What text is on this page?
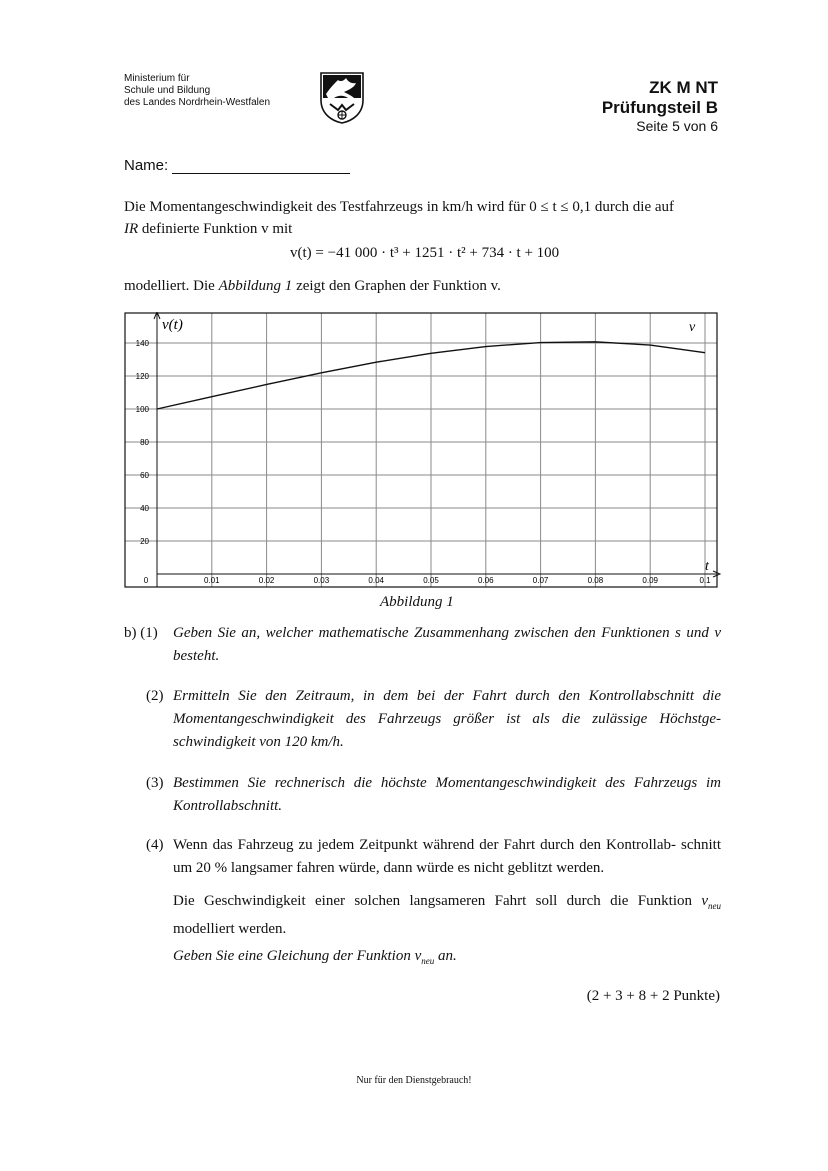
Ministerium für
Schule und Bildung
des Landes Nordrhein-Westfalen
ZK M NT
Prüfungsteil B
Seite 5 von 6
Name:
Die Momentangeschwindigkeit des Testfahrzeugs in km/h wird für 0 ≤ t ≤ 0,1 durch die auf
IR definierte Funktion v mit
v(t) = −41 000 · t³ + 1251 · t² + 734 · t + 100
modelliert. Die Abbildung 1 zeigt den Graphen der Funktion v.
0	0.01	0.02	0.03	0.04	0.05	0.06	0.07	0.08	0.09	0.1
20
40
60
80
100
120
140
v(t)
t
v
Abbildung 1
b) (1) Geben Sie an, welcher mathematische Zusammenhang zwischen den Funktionen s und v besteht.
(2) Ermitteln Sie den Zeitraum, in dem bei der Fahrt durch den Kontrollabschnitt die Momentangeschwindigkeit des Fahrzeugs größer ist als die zulässige Höchstge- schwindigkeit von 120 km/h.
(3) Bestimmen Sie rechnerisch die höchste Momentangeschwindigkeit des Fahrzeugs im Kontrollabschnitt.
(4) Wenn das Fahrzeug zu jedem Zeitpunkt während der Fahrt durch den Kontrollab- schnitt um 20 % langsamer fahren würde, dann würde es nicht geblitzt werden.
Die Geschwindigkeit einer solchen langsameren Fahrt soll durch die Funktion $v_{neu}$ modelliert werden.
Geben Sie eine Gleichung der Funktion $v_{neu}$ an.
(2 + 3 + 8 + 2 Punkte)
Nur für den Dienstgebrauch!
